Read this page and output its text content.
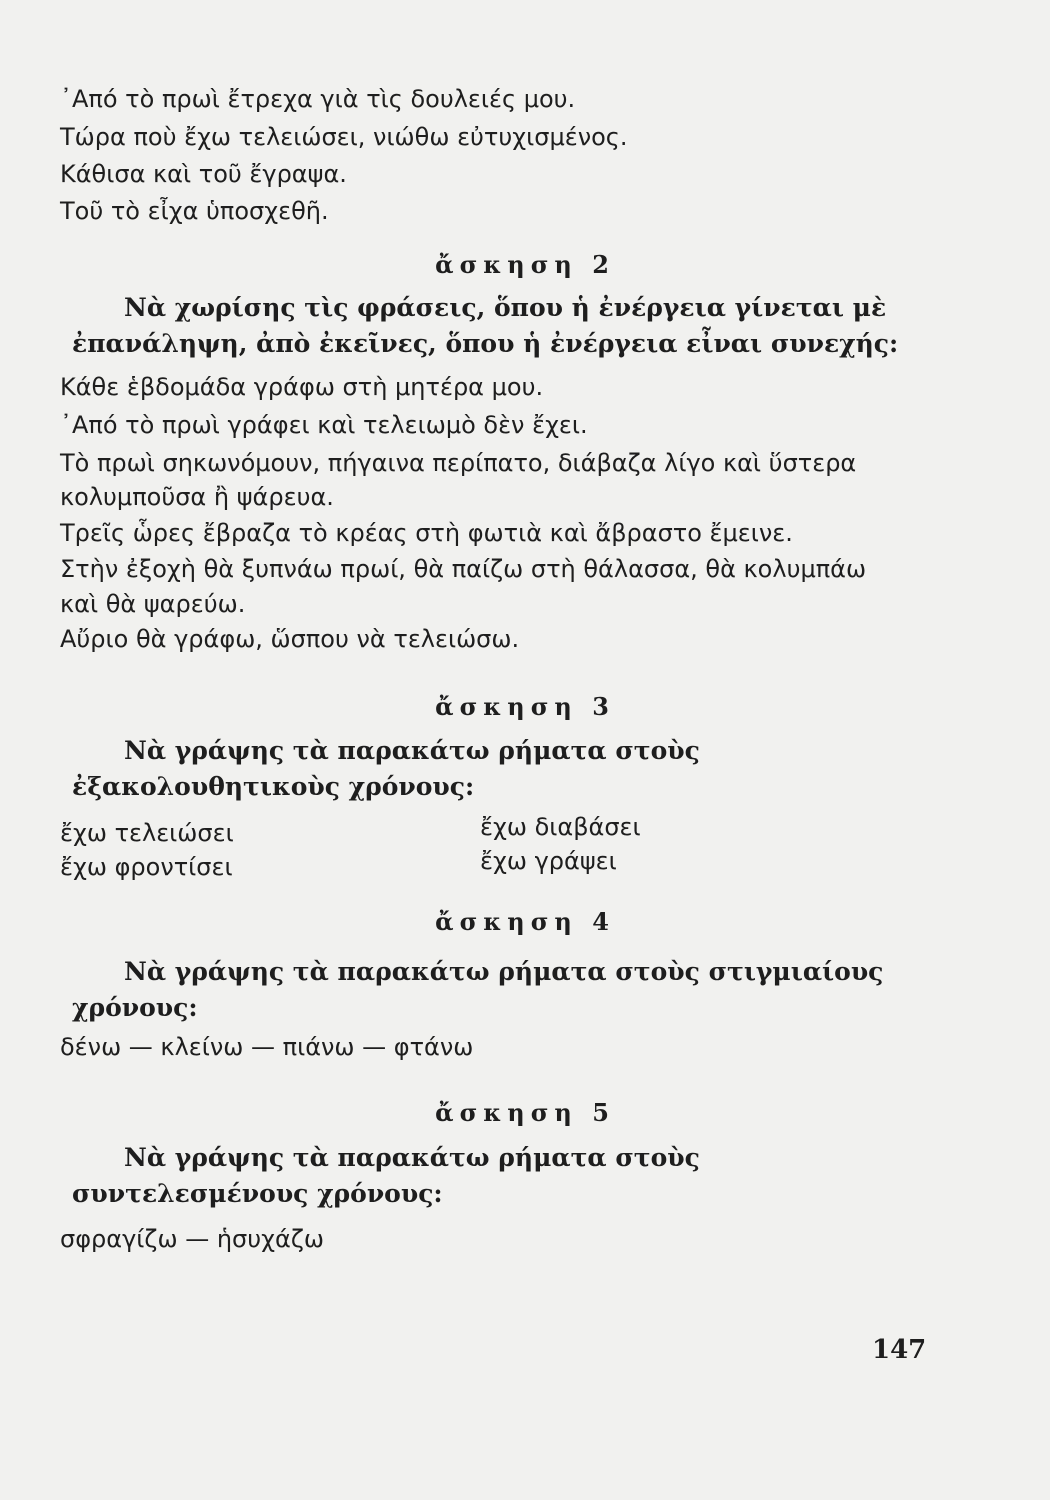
᾿Από τὸ πρωὶ ἔτρεχα γιὰ τὶς δουλειές μου.
Τώρα ποὺ ἔχω τελειώσει, νιώθω εὐτυχισμένος.
Κάθισα καὶ τοῦ ἔγραψα.
Τοῦ τὸ εἶχα ὑποσχεθῆ.
ἄσκηση 2
Νὰ χωρίσης τὶς φράσεις, ὅπου ἡ ἐνέργεια γίνεται μὲ ἐπανάληψη, ἀπὸ ἐκεῖνες, ὅπου ἡ ἐνέργεια εἶναι συνεχής:
Κάθε ἑβδομάδα γράφω στὴ μητέρα μου.
᾿Από τὸ πρωὶ γράφει καὶ τελειωμὸ δὲν ἔχει.
Τὸ πρωὶ σηκωνόμουν, πήγαινα περίπατο, διάβαζα λίγο καὶ ὕστερα
κολυμποῦσα ἢ ψάρευα.
Τρεῖς ὧρες ἔβραζα τὸ κρέας στὴ φωτιὰ καὶ ἄβραστο ἔμεινε.
Στὴν ἐξοχὴ θὰ ξυπνάω πρωί, θὰ παίζω στὴ θάλασσα, θὰ κολυμπάω
καὶ θὰ ψαρεύω.
Αὔριο θὰ γράφω, ὥσπου νὰ τελειώσω.
ἄσκηση 3
Νὰ γράψης τὰ παρακάτω ρήματα στοὺς ἐξακολουθητικοὺς χρόνους:
ἔχω τελειώσει
ἔχω φροντίσει
ἔχω διαβάσει
ἔχω γράψει
ἄσκηση 4
Νὰ γράψης τὰ παρακάτω ρήματα στοὺς στιγμιαίους χρόνους:
δένω — κλείνω — πιάνω — φτάνω
ἄσκηση 5
Νὰ γράψης τὰ παρακάτω ρήματα στοὺς συντελεσμένους χρόνους:
σφραγίζω — ἡσυχάζω
147
